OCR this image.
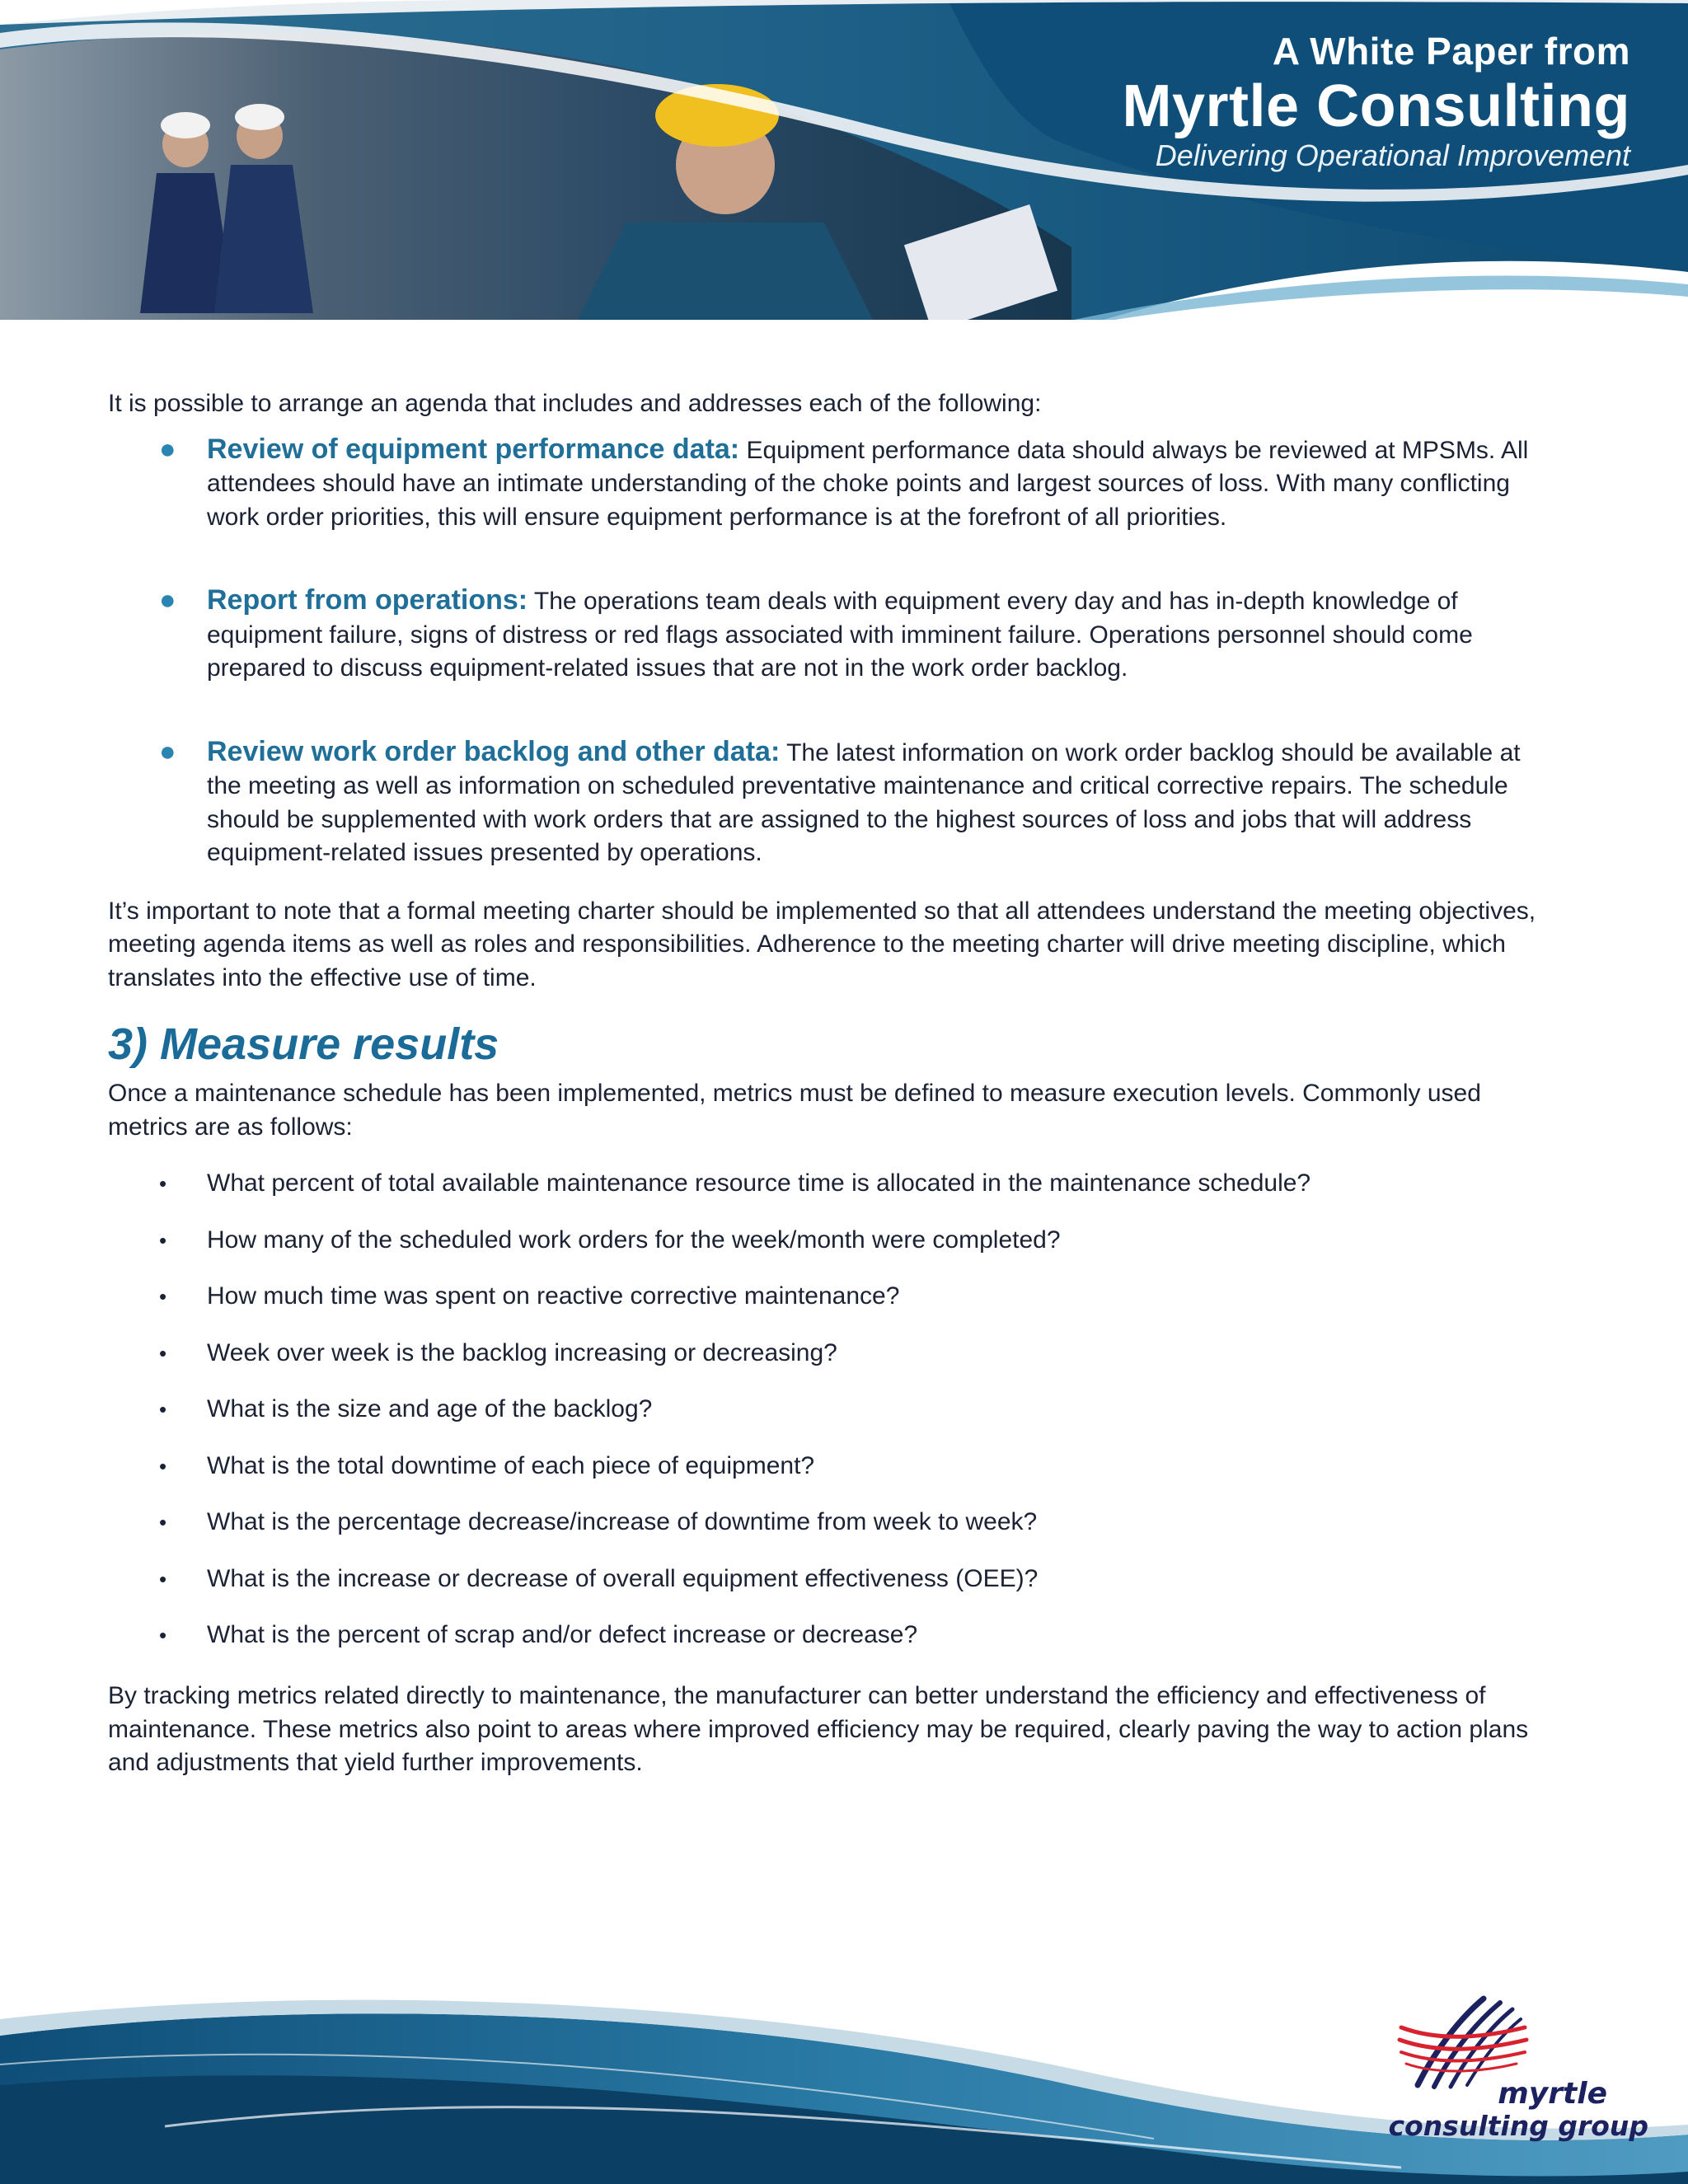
A White Paper from
Myrtle Consulting
Delivering Operational Improvement

It is possible to arrange an agenda that includes and addresses each of the following:

● Review of equipment performance data: Equipment performance data should always be reviewed at MPSMs. All attendees should have an intimate understanding of the choke points and largest sources of loss. With many conflicting work order priorities, this will ensure equipment performance is at the forefront of all priorities.
● Report from operations: The operations team deals with equipment every day and has in-depth knowledge of equipment failure, signs of distress or red flags associated with imminent failure. Operations personnel should come prepared to discuss equipment-related issues that are not in the work order backlog.
● Review work order backlog and other data: The latest information on work order backlog should be available at the meeting as well as information on scheduled preventative maintenance and critical corrective repairs. The schedule should be supplemented with work orders that are assigned to the highest sources of loss and jobs that will address equipment-related issues presented by operations.

It’s important to note that a formal meeting charter should be implemented so that all attendees understand the meeting objectives, meeting agenda items as well as roles and responsibilities. Adherence to the meeting charter will drive meeting discipline, which translates into the effective use of time.

3) Measure results

Once a maintenance schedule has been implemented, metrics must be defined to measure execution levels. Commonly used metrics are as follows:

• What percent of total available maintenance resource time is allocated in the maintenance schedule?
• How many of the scheduled work orders for the week/month were completed?
• How much time was spent on reactive corrective maintenance?
• Week over week is the backlog increasing or decreasing?
• What is the size and age of the backlog?
• What is the total downtime of each piece of equipment?
• What is the percentage decrease/increase of downtime from week to week?
• What is the increase or decrease of overall equipment effectiveness (OEE)?
• What is the percent of scrap and/or defect increase or decrease?

By tracking metrics related directly to maintenance, the manufacturer can better understand the efficiency and effectiveness of maintenance. These metrics also point to areas where improved efficiency may be required, clearly paving the way to action plans and adjustments that yield further improvements.

myrtle
consulting group
